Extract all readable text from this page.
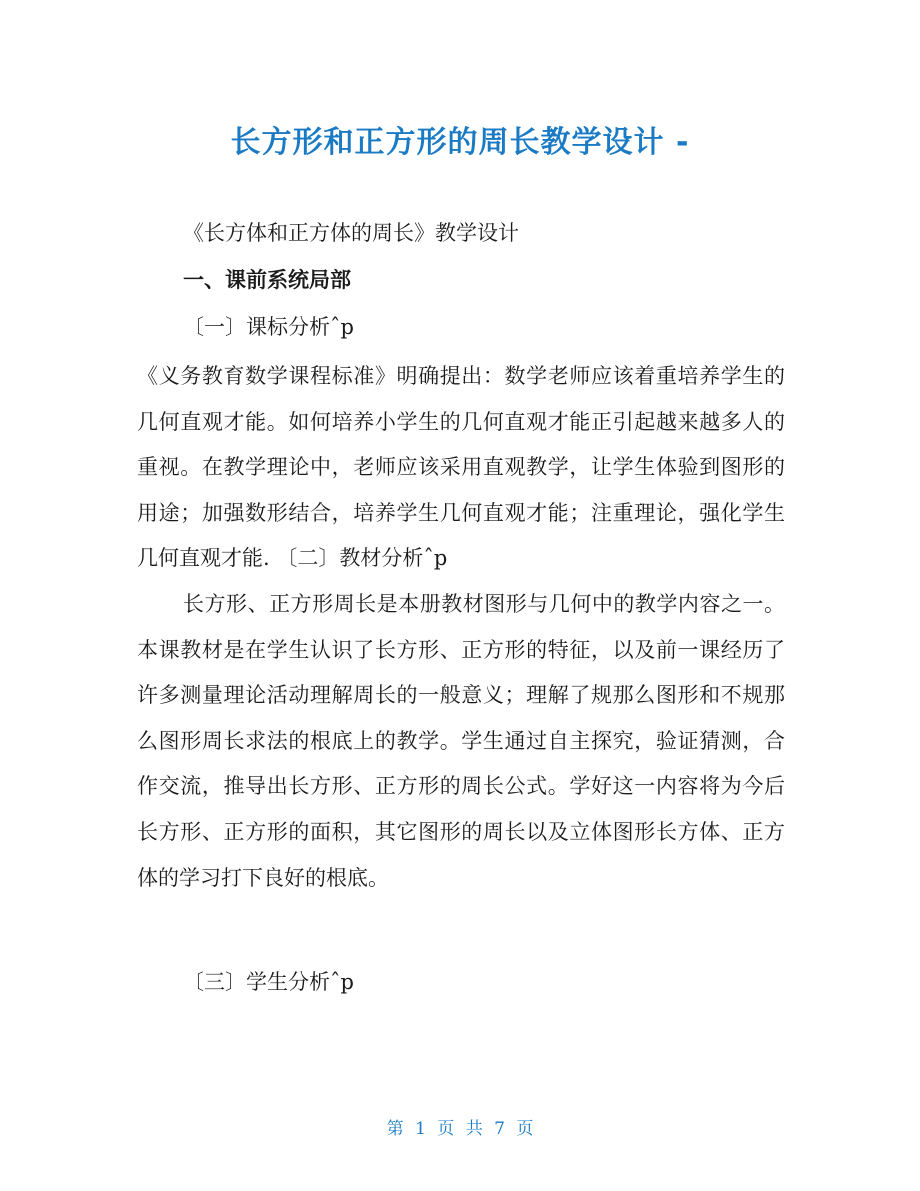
长方形和正方形的周长教学设计 -
《长方体和正方体的周长》教学设计
一、课前系统局部
〔一〕课标分析ˆp
《义务教育数学课程标准》明确提出：数学老师应该着重培养学生的几何直观才能。如何培养小学生的几何直观才能正引起越来越多人的重视。在教学理论中，老师应该采用直观教学，让学生体验到图形的用途；加强数形结合，培养学生几何直观才能；注重理论，强化学生几何直观才能. 〔二〕教材分析ˆp
长方形、正方形周长是本册教材图形与几何中的教学内容之一。本课教材是在学生认识了长方形、正方形的特征，以及前一课经历了许多测量理论活动理解周长的一般意义；理解了规那么图形和不规那么图形周长求法的根底上的教学。学生通过自主探究，验证猜测，合作交流，推导出长方形、正方形的周长公式。学好这一内容将为今后长方形、正方形的面积，其它图形的周长以及立体图形长方体、正方体的学习打下良好的根底。
〔三〕学生分析ˆp
第 1 页 共 7 页
